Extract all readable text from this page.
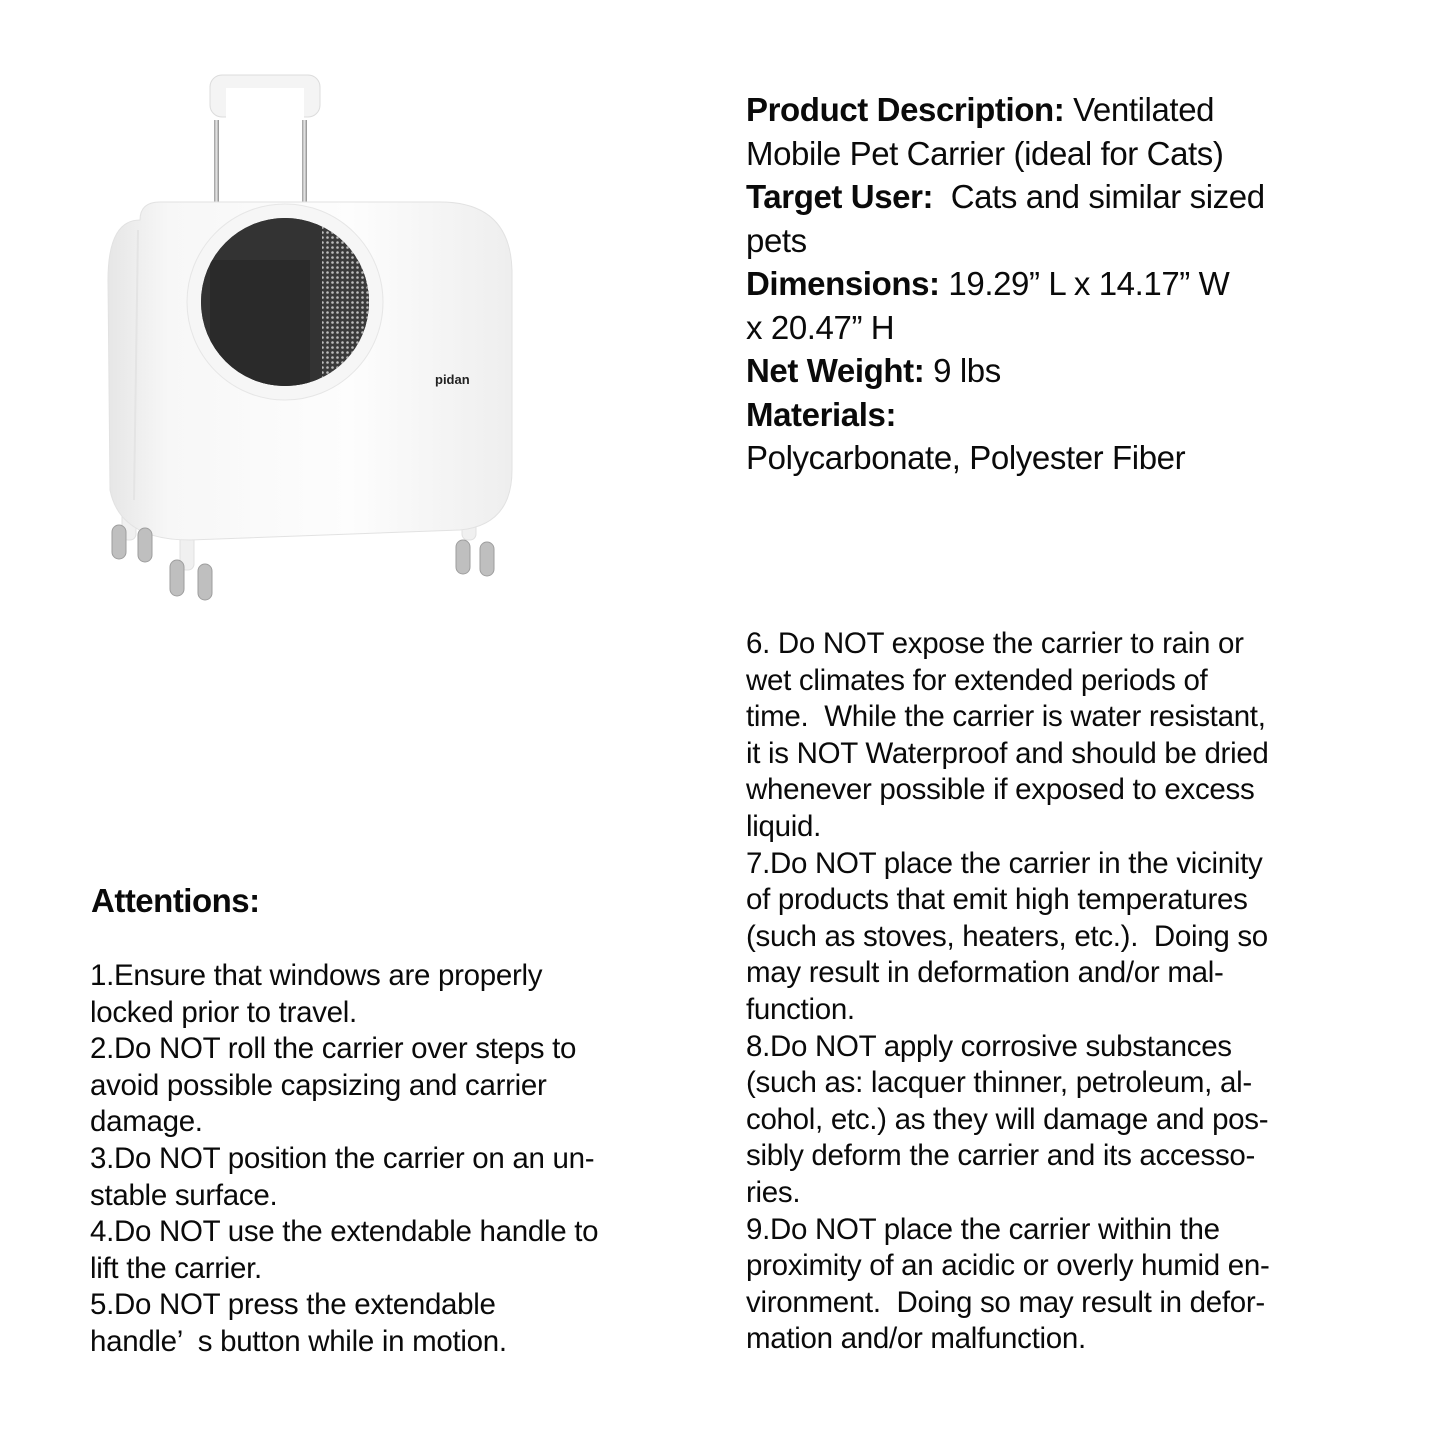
pidan
Product Description: Ventilated
Mobile Pet Carrier (ideal for Cats)
Target User:  Cats and similar sized
pets
Dimensions: 19.29” L x 14.17” W
x 20.47” H
Net Weight: 9 lbs
Materials:
Polycarbonate, Polyester Fiber
Attentions:
1.Ensure that windows are properly
locked prior to travel.
2.Do NOT roll the carrier over steps to
avoid possible capsizing and carrier
damage.
3.Do NOT position the carrier on an un-
stable surface.
4.Do NOT use the extendable handle to
lift the carrier.
5.Do NOT press the extendable
handle’  s button while in motion.
6. Do NOT expose the carrier to rain or
wet climates for extended periods of
time.  While the carrier is water resistant,
it is NOT Waterproof and should be dried
whenever possible if exposed to excess
liquid.
7.Do NOT place the carrier in the vicinity
of products that emit high temperatures
(such as stoves, heaters, etc.).  Doing so
may result in deformation and/or mal-
function.
8.Do NOT apply corrosive substances
(such as: lacquer thinner, petroleum, al-
cohol, etc.) as they will damage and pos-
sibly deform the carrier and its accesso-
ries.
9.Do NOT place the carrier within the
proximity of an acidic or overly humid en-
vironment.  Doing so may result in defor-
mation and/or malfunction.
